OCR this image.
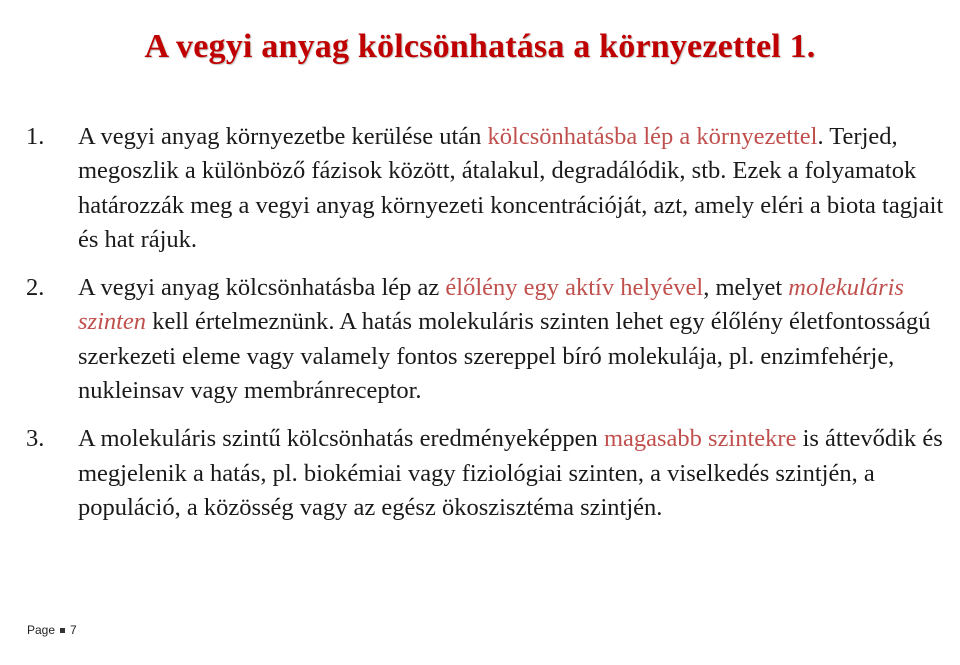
A vegyi anyag kölcsönhatása a környezettel 1.
1.	A vegyi anyag környezetbe kerülése után kölcsönhatásba lép a környezettel. Terjed, megoszlik a különböző fázisok között, átalakul, degradálódik, stb. Ezek a folyamatok határozzák meg a vegyi anyag környezeti koncentrációját, azt, amely eléri a biota tagjait és hat rájuk.
2.	A vegyi anyag kölcsönhatásba lép az élőlény egy aktív helyével, melyet molekuláris szinten kell értelmeznünk. A hatás molekuláris szinten lehet egy élőlény életfontosságú szerkezeti eleme vagy valamely fontos szereppel bíró molekulája, pl. enzimfehérje, nukleinsav vagy membránreceptor.
3.	A molekuláris szintű kölcsönhatás eredményeképpen magasabb szintekre is áttevődik és megjelenik a hatás, pl. biokémiai vagy fiziológiai szinten, a viselkedés szintjén, a populáció, a közösség vagy az egész ökoszisztéma szintjén.
Page 7
